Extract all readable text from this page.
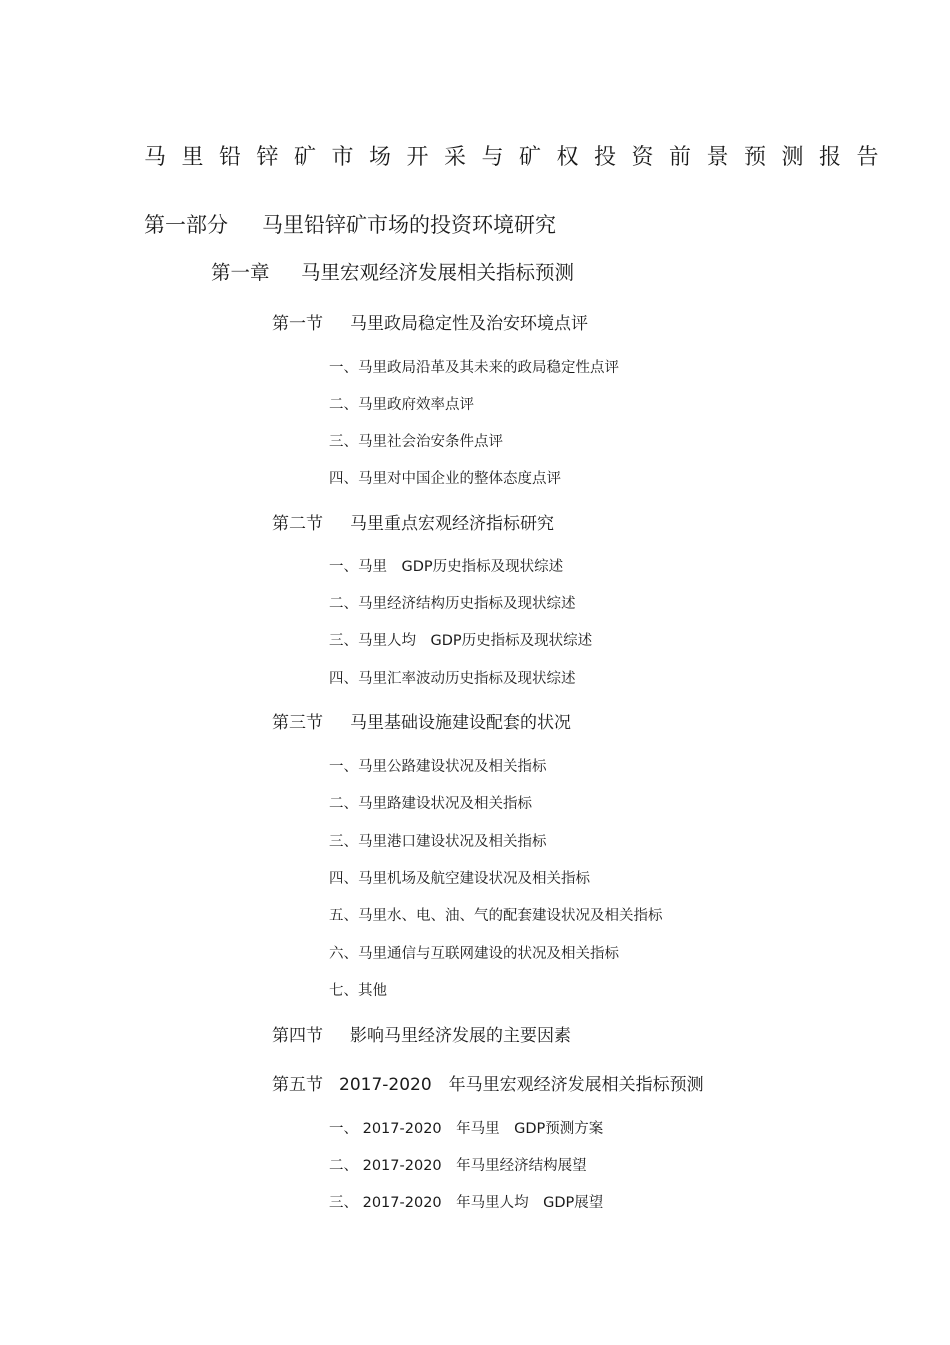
马里铅锌矿市场开采与矿权投资前景预测报告
第一部分 马里铅锌矿市场的投资环境研究
第一章 马里宏观经济发展相关指标预测
第一节 马里政局稳定性及治安环境点评
一、马里政局沿革及其未来的政局稳定性点评
二、马里政府效率点评
三、马里社会治安条件点评
四、马里对中国企业的整体态度点评
第二节 马里重点宏观经济指标研究
一、马里　GDP历史指标及现状综述
二、马里经济结构历史指标及现状综述
三、马里人均　GDP历史指标及现状综述
四、马里汇率波动历史指标及现状综述
第三节 马里基础设施建设配套的状况
一、马里公路建设状况及相关指标
二、马里路建设状况及相关指标
三、马里港口建设状况及相关指标
四、马里机场及航空建设状况及相关指标
五、马里水、电、油、气的配套建设状况及相关指标
六、马里通信与互联网建设的状况及相关指标
七、其他
第四节 影响马里经济发展的主要因素
第五节 2017-2020　年马里宏观经济发展相关指标预测
一、 2017-2020　年马里　GDP预测方案
二、 2017-2020　年马里经济结构展望
三、 2017-2020　年马里人均　GDP展望
